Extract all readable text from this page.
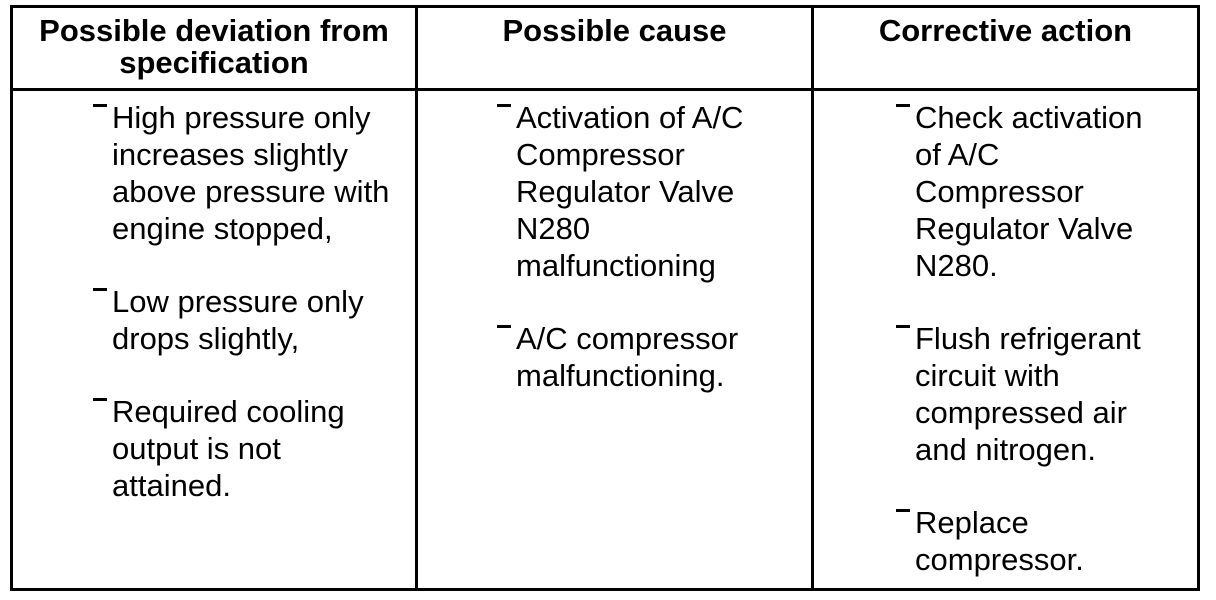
Possible deviation from specification
Possible cause	Corrective action
High pressure only
increases slightly
above pressure with
engine stopped,
Low pressure only
drops slightly,
Required cooling
output is not
attained.
Activation of A/C
Compressor
Regulator Valve
N280
malfunctioning
A/C compressor
malfunctioning.
Check activation
of A/C
Compressor
Regulator Valve
N280.
Flush refrigerant
circuit with
compressed air
and nitrogen.
Replace
compressor.
